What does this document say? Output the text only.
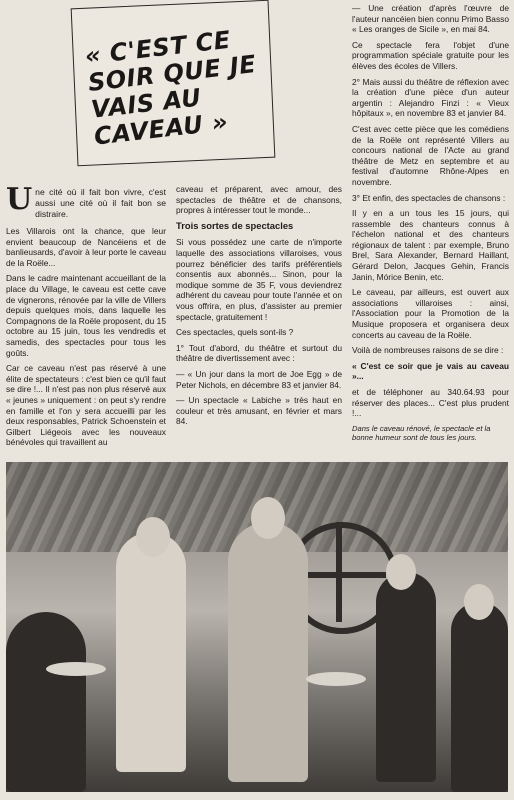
« C'EST CE SOIR QUE JE VAIS AU CAVEAU »

Une cité où il fait bon vivre, c'est aussi une cité où il fait bon se distraire.

Les Villarois ont la chance, que leur envient beaucoup de Nancéiens et de banlieusards, d'avoir à leur porte le caveau de la Roële...

Dans le cadre maintenant accueillant de la place du Village, le caveau est cette cave de vignerons, rénovée par la ville de Villers depuis quelques mois, dans laquelle les Compagnons de la Roële proposent, du 15 octobre au 15 juin, tous les vendredis et samedis, des spectacles pour tous les goûts.

Car ce caveau n'est pas réservé à une élite de spectateurs : c'est bien ce qu'il faut se dire !... Il n'est pas non plus réservé aux « jeunes » uniquement : on peut s'y rendre en famille et l'on y sera accueilli par les deux responsables, Patrick Schoenstein et Gilbert Liégeois avec les nouveaux bénévoles qui travaillent au

caveau et préparent, avec amour, des spectacles de théâtre et de chansons, propres à intéresser tout le monde...

Trois sortes de spectacles

Si vous possédez une carte de n'importe laquelle des associations villaroises, vous pourrez bénéficier des tarifs préférentiels consentis aux abonnés... Sinon, pour la modique somme de 35 F, vous deviendrez adhérent du caveau pour toute l'année et on vous offrira, en plus, d'assister au premier spectacle, gratuitement !

Ces spectacles, quels sont-ils ?

1° Tout d'abord, du théâtre et surtout du théâtre de divertissement avec :

— « Un jour dans la mort de Joe Egg » de Peter Nichols, en décembre 83 et janvier 84.

— Un spectacle « Labiche » très haut en couleur et très amusant, en février et mars 84.

— Une création d'après l'œuvre de l'auteur nancéien bien connu Primo Basso « Les oranges de Sicile », en mai 84.

Ce spectacle fera l'objet d'une programmation spéciale gratuite pour les élèves des écoles de Villers.

2° Mais aussi du théâtre de réflexion avec la création d'une pièce d'un auteur argentin : Alejandro Finzi : « Vieux hôpitaux », en novembre 83 et janvier 84.

C'est avec cette pièce que les comédiens de la Roële ont représenté Villers au concours national de l'Acte au grand théâtre de Metz en septembre et au festival d'automne Rhône-Alpes en novembre.

3° Et enfin, des spectacles de chansons :

Il y en a un tous les 15 jours, qui rassemble des chanteurs connus à l'échelon national et des chanteurs régionaux de talent : par exemple, Bruno Brel, Sara Alexander, Bernard Haillant, Gérard Delon, Jacques Gehin, Francis Janin, Mórice Benin, etc.

Le caveau, par ailleurs, est ouvert aux associations villaroises : ainsi, l'Association pour la Promotion de la Musique proposera et organisera deux concerts au caveau de la Roële.

Voilà de nombreuses raisons de se dire :

« C'est ce soir que je vais au caveau »...

et de téléphoner au 340.64.93 pour réserver des places... C'est plus prudent !...

Dans le caveau rénové, le spectacle et la bonne humeur sont de tous les jours.
